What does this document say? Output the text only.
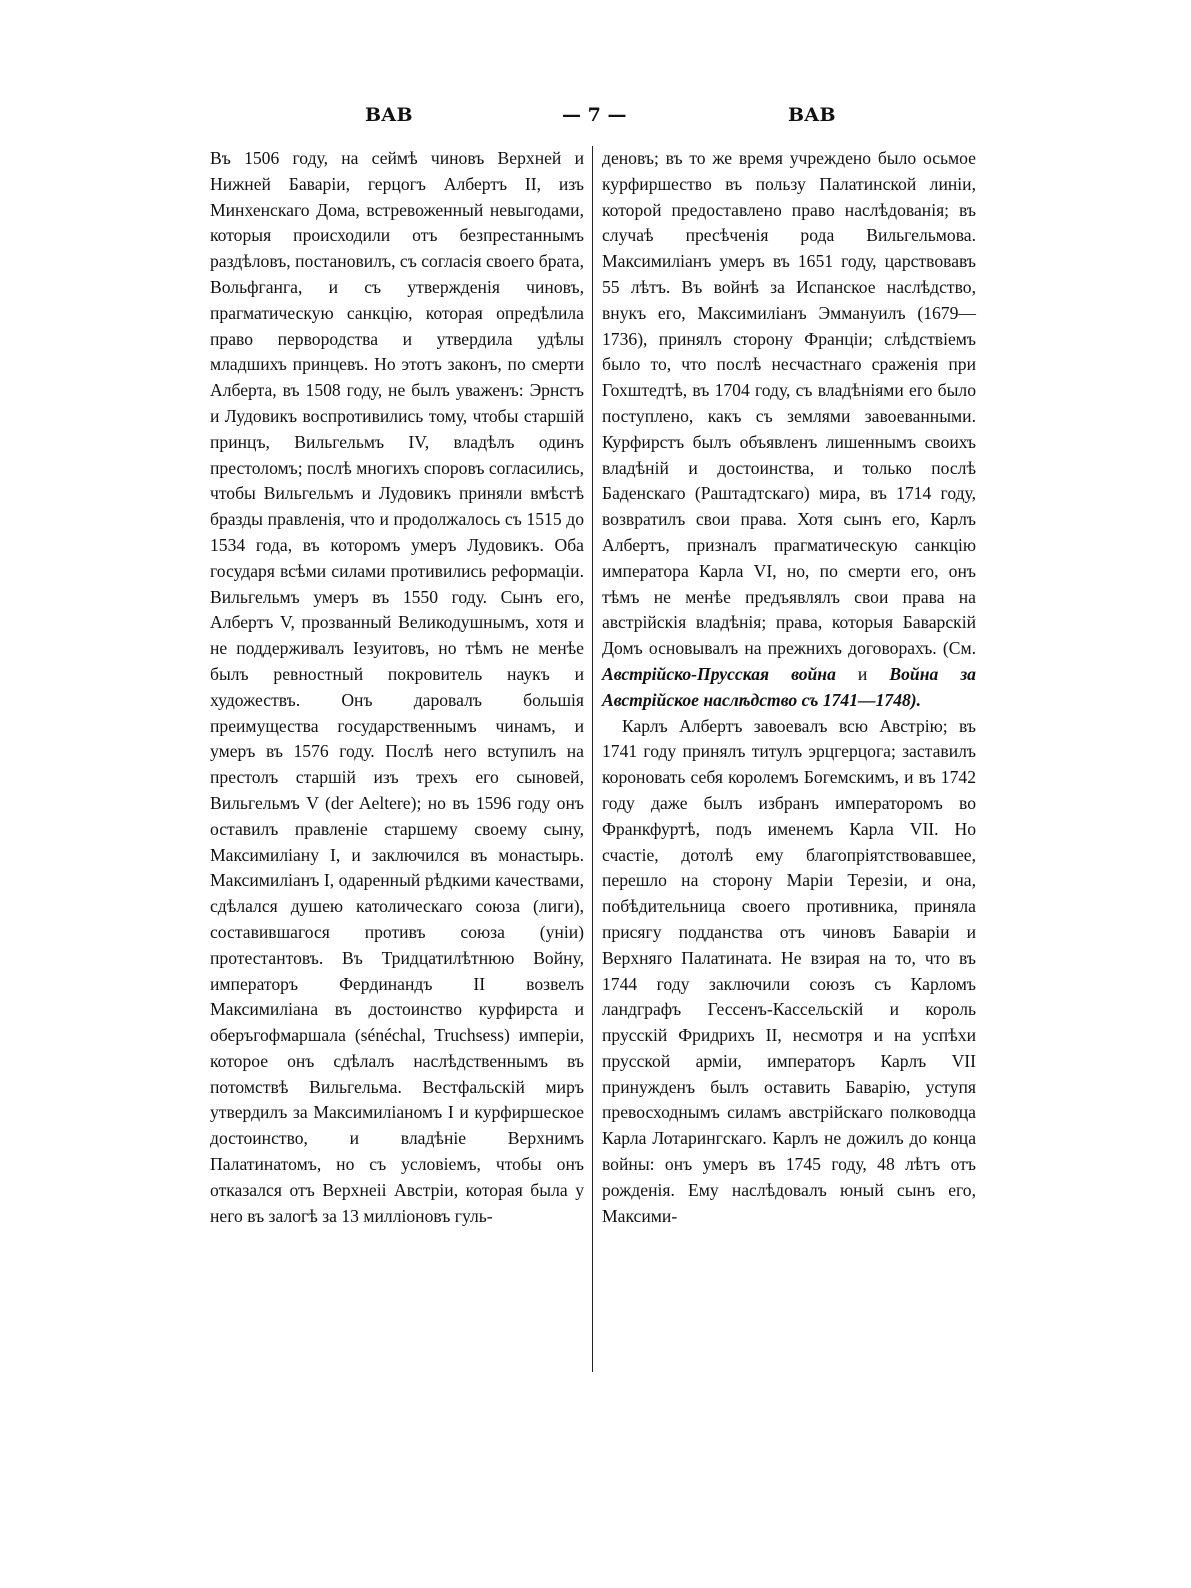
ВАВ	— 7 —	ВАВ

Въ 1506 году, на сеймѣ чиновъ Верхней и Нижней Баваріи, герцогъ Албертъ II, изъ Минхенскаго Дома, встревоженный невыгодами, которыя происходили отъ безпрестаннымъ раздѣловъ, постановилъ, съ согласія своего брата, Вольфганга, и съ утвержденія чиновъ, прагматическую санкцію, которая опредѣлила право первородства и утвердила удѣлы младшихъ принцевъ. Но этотъ законъ, по смерти Алберта, въ 1508 году, не былъ уваженъ: Эрнстъ и Лудовикъ воспротивились тому, чтобы старшій принцъ, Вильгельмъ IV, владѣлъ одинъ престоломъ; послѣ многихъ споровъ согласились, чтобы Вильгельмъ и Лудовикъ приняли вмѣстѣ бразды правленія, что и продолжалось съ 1515 до 1534 года, въ которомъ умеръ Лудовикъ. Оба государя всѣми силами противились реформаціи. Вильгельмъ умеръ въ 1550 году. Сынъ его, Албертъ V, прозванный Великодушнымъ, хотя и не поддерживалъ Іезуитовъ, но тѣмъ не менѣе былъ ревностный покровитель наукъ и художествъ. Онъ даровалъ большія преимущества государственнымъ чинамъ, и умеръ въ 1576 году. Послѣ него вступилъ на престолъ старшій изъ трехъ его сыновей, Вильгельмъ V (der Aeltere); но въ 1596 году онъ оставилъ правленіе старшему своему сыну, Максимиліану I, и заключился въ монастырь. Максимиліанъ I, одаренный рѣдкими качествами, сдѣлался душею католическаго союза (лиги), составившагося противъ союза (уніи) протестантовъ. Въ Тридцатилѣтнюю Войну, императоръ Фердинандъ II возвелъ Максимиліана въ достоинство курфирста и оберъгофмаршала (sénéchal, Truchsess) имперіи, которое онъ сдѣлалъ наслѣдственнымъ въ потомствѣ Вильгельма. Вестфальскій миръ утвердилъ за Максимиліаномъ I и курфиршеское достоинство, и владѣніе Верхнимъ Палатинатомъ, но съ условіемъ, чтобы онъ отказался отъ Верхнеіі Австріи, которая была у него въ залогѣ за 13 милліоновъ гуль-

деновъ; въ то же время учреждено было осьмое курфиршество въ пользу Палатинской линіи, которой предоставлено право наслѣдованія; въ случаѣ пресѣченія рода Вильгельмова. Максимиліанъ умеръ въ 1651 году, царствовавъ 55 лѣтъ. Въ войнѣ за Испанское наслѣдство, внукъ его, Максимиліанъ Эммануилъ (1679—1736), принялъ сторону Франціи; слѣдствіемъ было то, что послѣ несчастнаго сраженія при Гохштедтѣ, въ 1704 году, съ владѣніями его было поступлено, какъ съ землями завоеванными. Курфирстъ былъ объявленъ лишеннымъ своихъ владѣній и достоинства, и только послѣ Баденскаго (Раштадтскаго) мира, въ 1714 году, возвратилъ свои права. Хотя сынъ его, Карлъ Албертъ, призналъ прагматическую санкцію императора Карла VI, но, по смерти его, онъ тѣмъ не менѣе предъявлялъ свои права на австрійскія владѣнія; права, которыя Баварскій Домъ основывалъ на прежнихъ договорахъ. (См. Австрійско-Прусская война и Война за Австрійское наслѣдство съ 1741—1748).

Карлъ Албертъ завоевалъ всю Австрію; въ 1741 году принялъ титулъ эрцгерцога; заставилъ короновать себя королемъ Богемскимъ, и въ 1742 году даже былъ избранъ императоромъ во Франкфуртѣ, подъ именемъ Карла VII. Но счастіе, дотолѣ ему благопріятствовавшее, перешло на сторону Маріи Терезіи, и она, побѣдительница своего противника, приняла присягу подданства отъ чиновъ Баваріи и Верхняго Палатината. Не взирая на то, что въ 1744 году заключили союзъ съ Карломъ ландграфъ Гессенъ-Кассельскій и король прусскій Фридрихъ II, несмотря и на успѣхи прусской арміи, императоръ Карлъ VII принужденъ былъ оставить Баварію, уступя превосходнымъ силамъ австрійскаго полководца Карла Лотарингскаго. Карлъ не дожилъ до конца войны: онъ умеръ въ 1745 году, 48 лѣтъ отъ рожденія. Ему наслѣдовалъ юный сынъ его, Максими-
